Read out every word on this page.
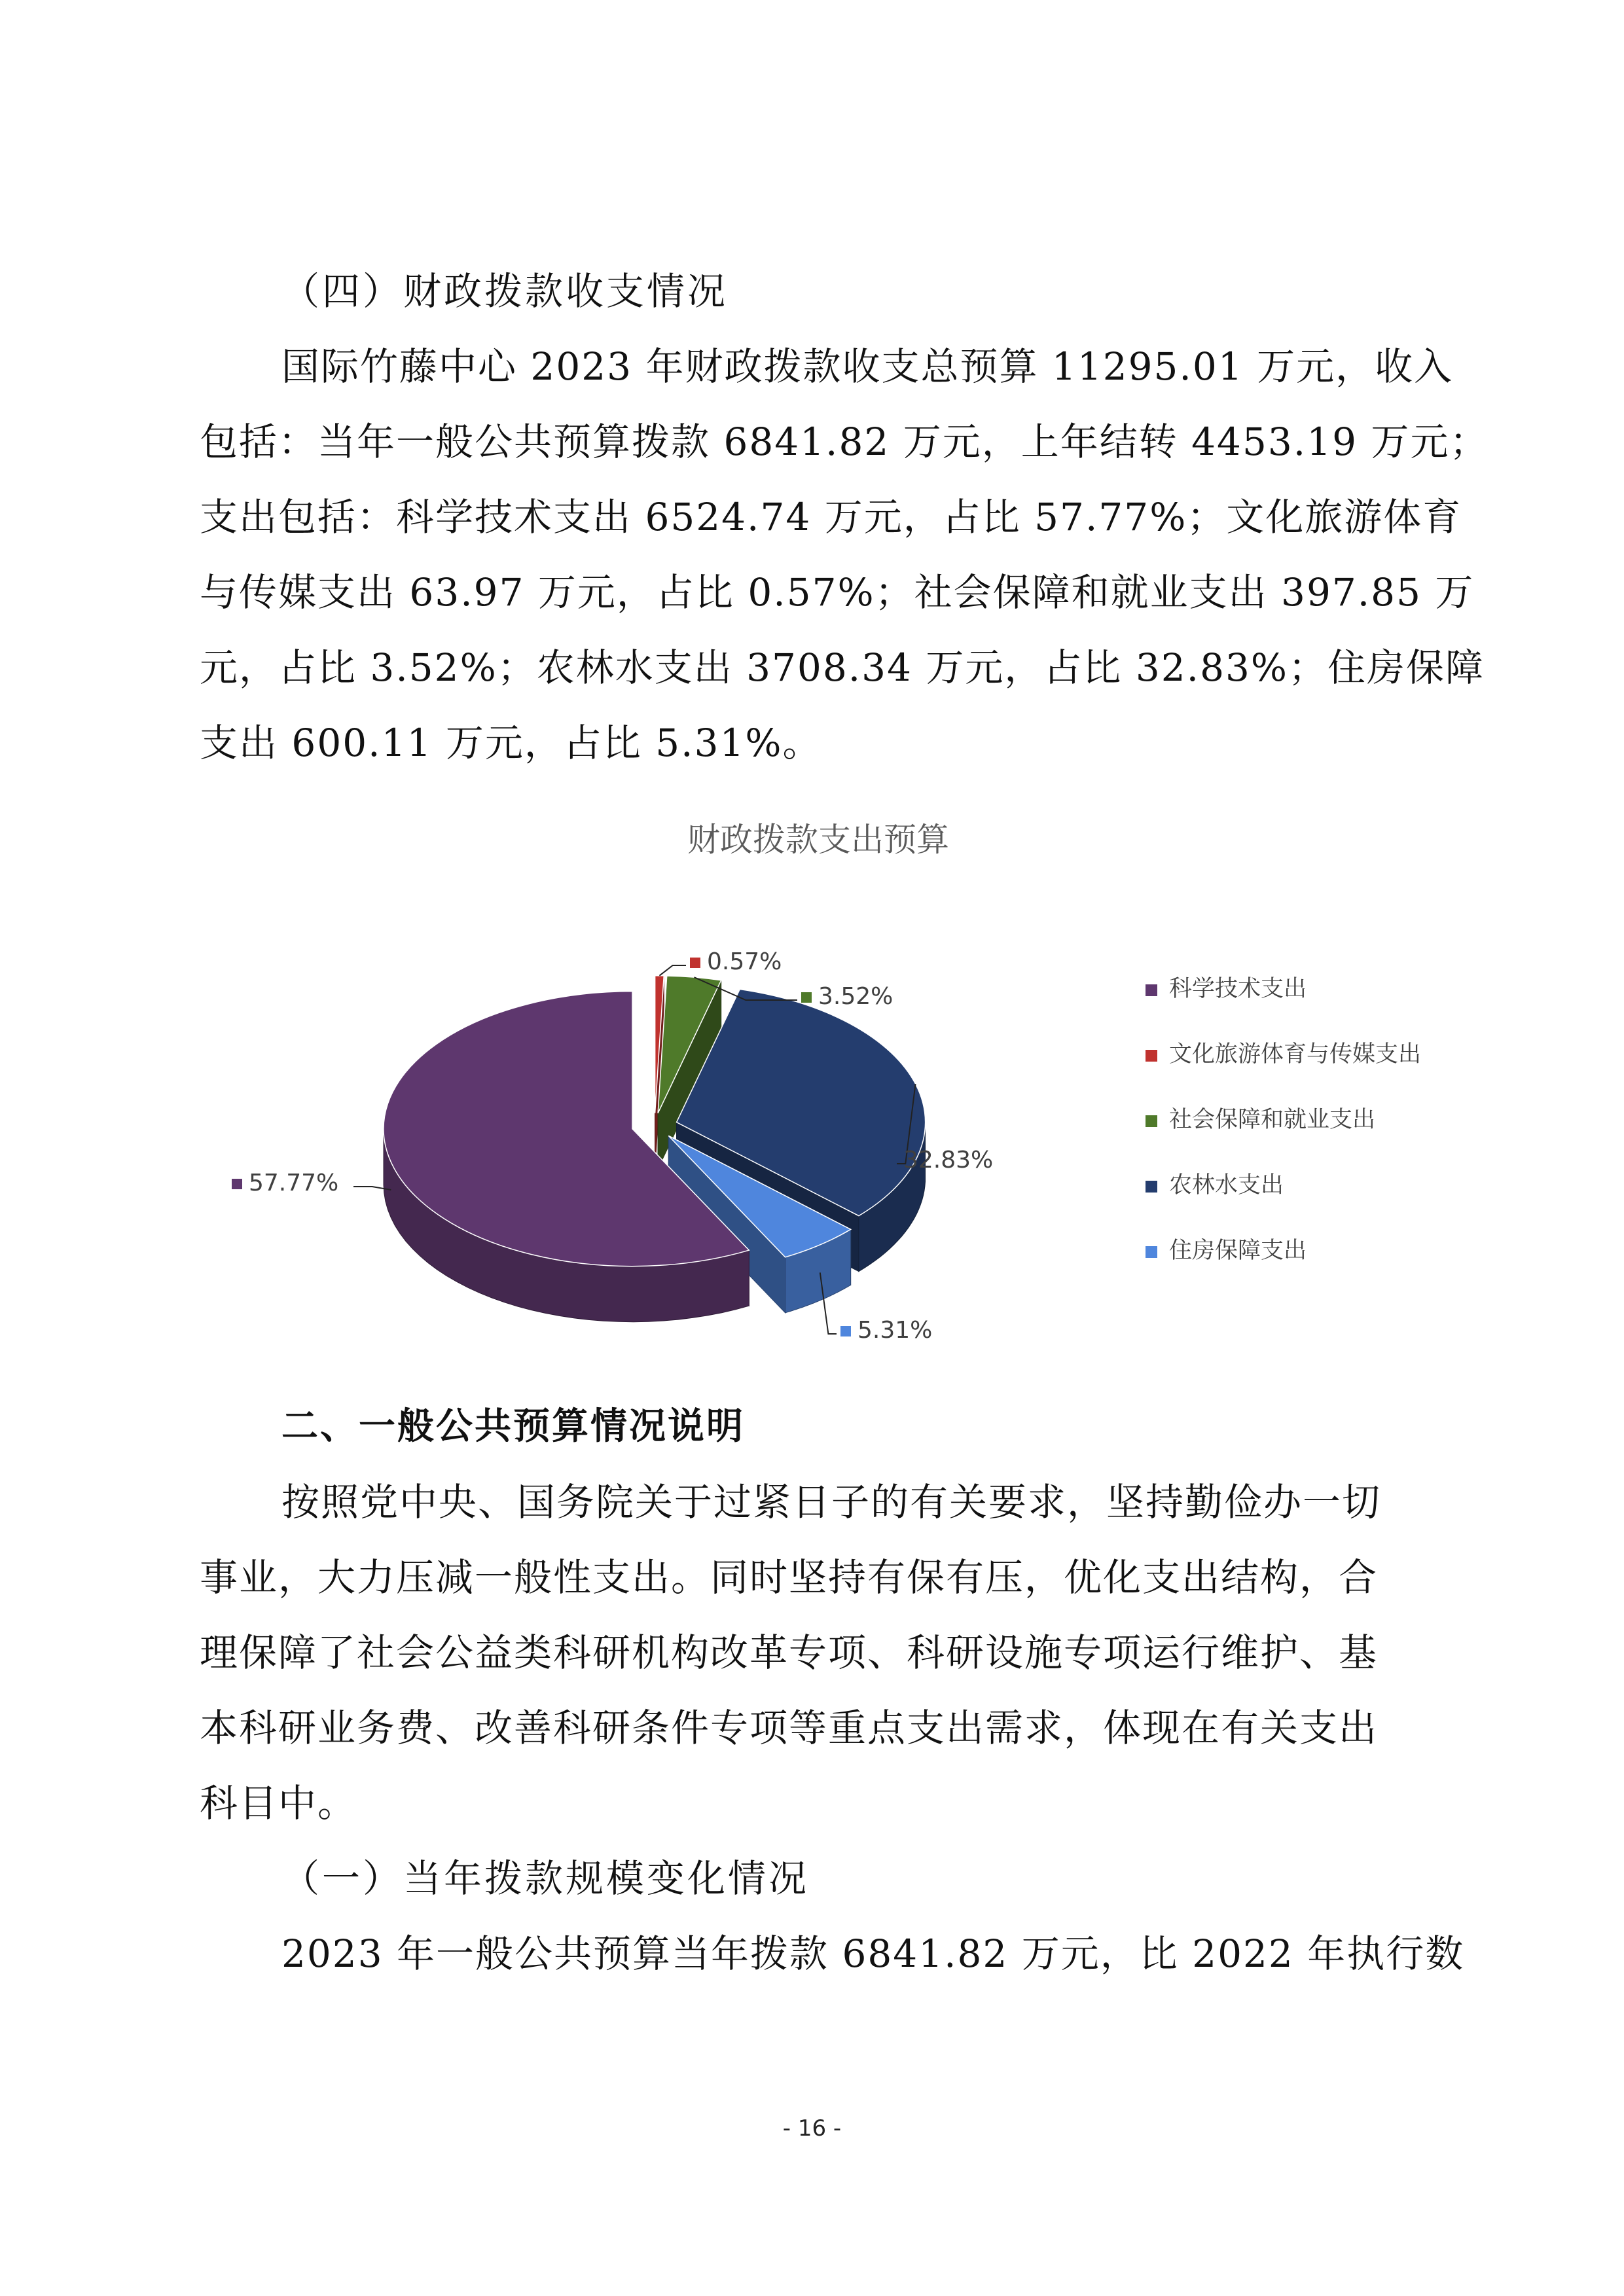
（四）财政拨款收支情况
国际竹藤中心 2023 年财政拨款收支总预算 11295.01 万元，收入
包括：当年一般公共预算拨款 6841.82 万元，上年结转 4453.19 万元；
支出包括：科学技术支出 6524.74 万元，占比 57.77%；文化旅游体育
与传媒支出 63.97 万元，占比 0.57%；社会保障和就业支出 397.85 万
元，占比 3.52%；农林水支出 3708.34 万元，占比 32.83%；住房保障
支出 600.11 万元，占比 5.31%。
57.77%
0.57%
3.52%
32.83%
5.31%
科学技术支出
文化旅游体育与传媒支出
社会保障和就业支出
农林水支出
住房保障支出
财政拨款支出预算
二、一般公共预算情况说明
按照党中央、国务院关于过紧日子的有关要求，坚持勤俭办一切
事业，大力压减一般性支出。同时坚持有保有压，优化支出结构，合
理保障了社会公益类科研机构改革专项、科研设施专项运行维护、基
本科研业务费、改善科研条件专项等重点支出需求，体现在有关支出
科目中。
（一）当年拨款规模变化情况
2023 年一般公共预算当年拨款 6841.82 万元，比 2022 年执行数
- 16 -
